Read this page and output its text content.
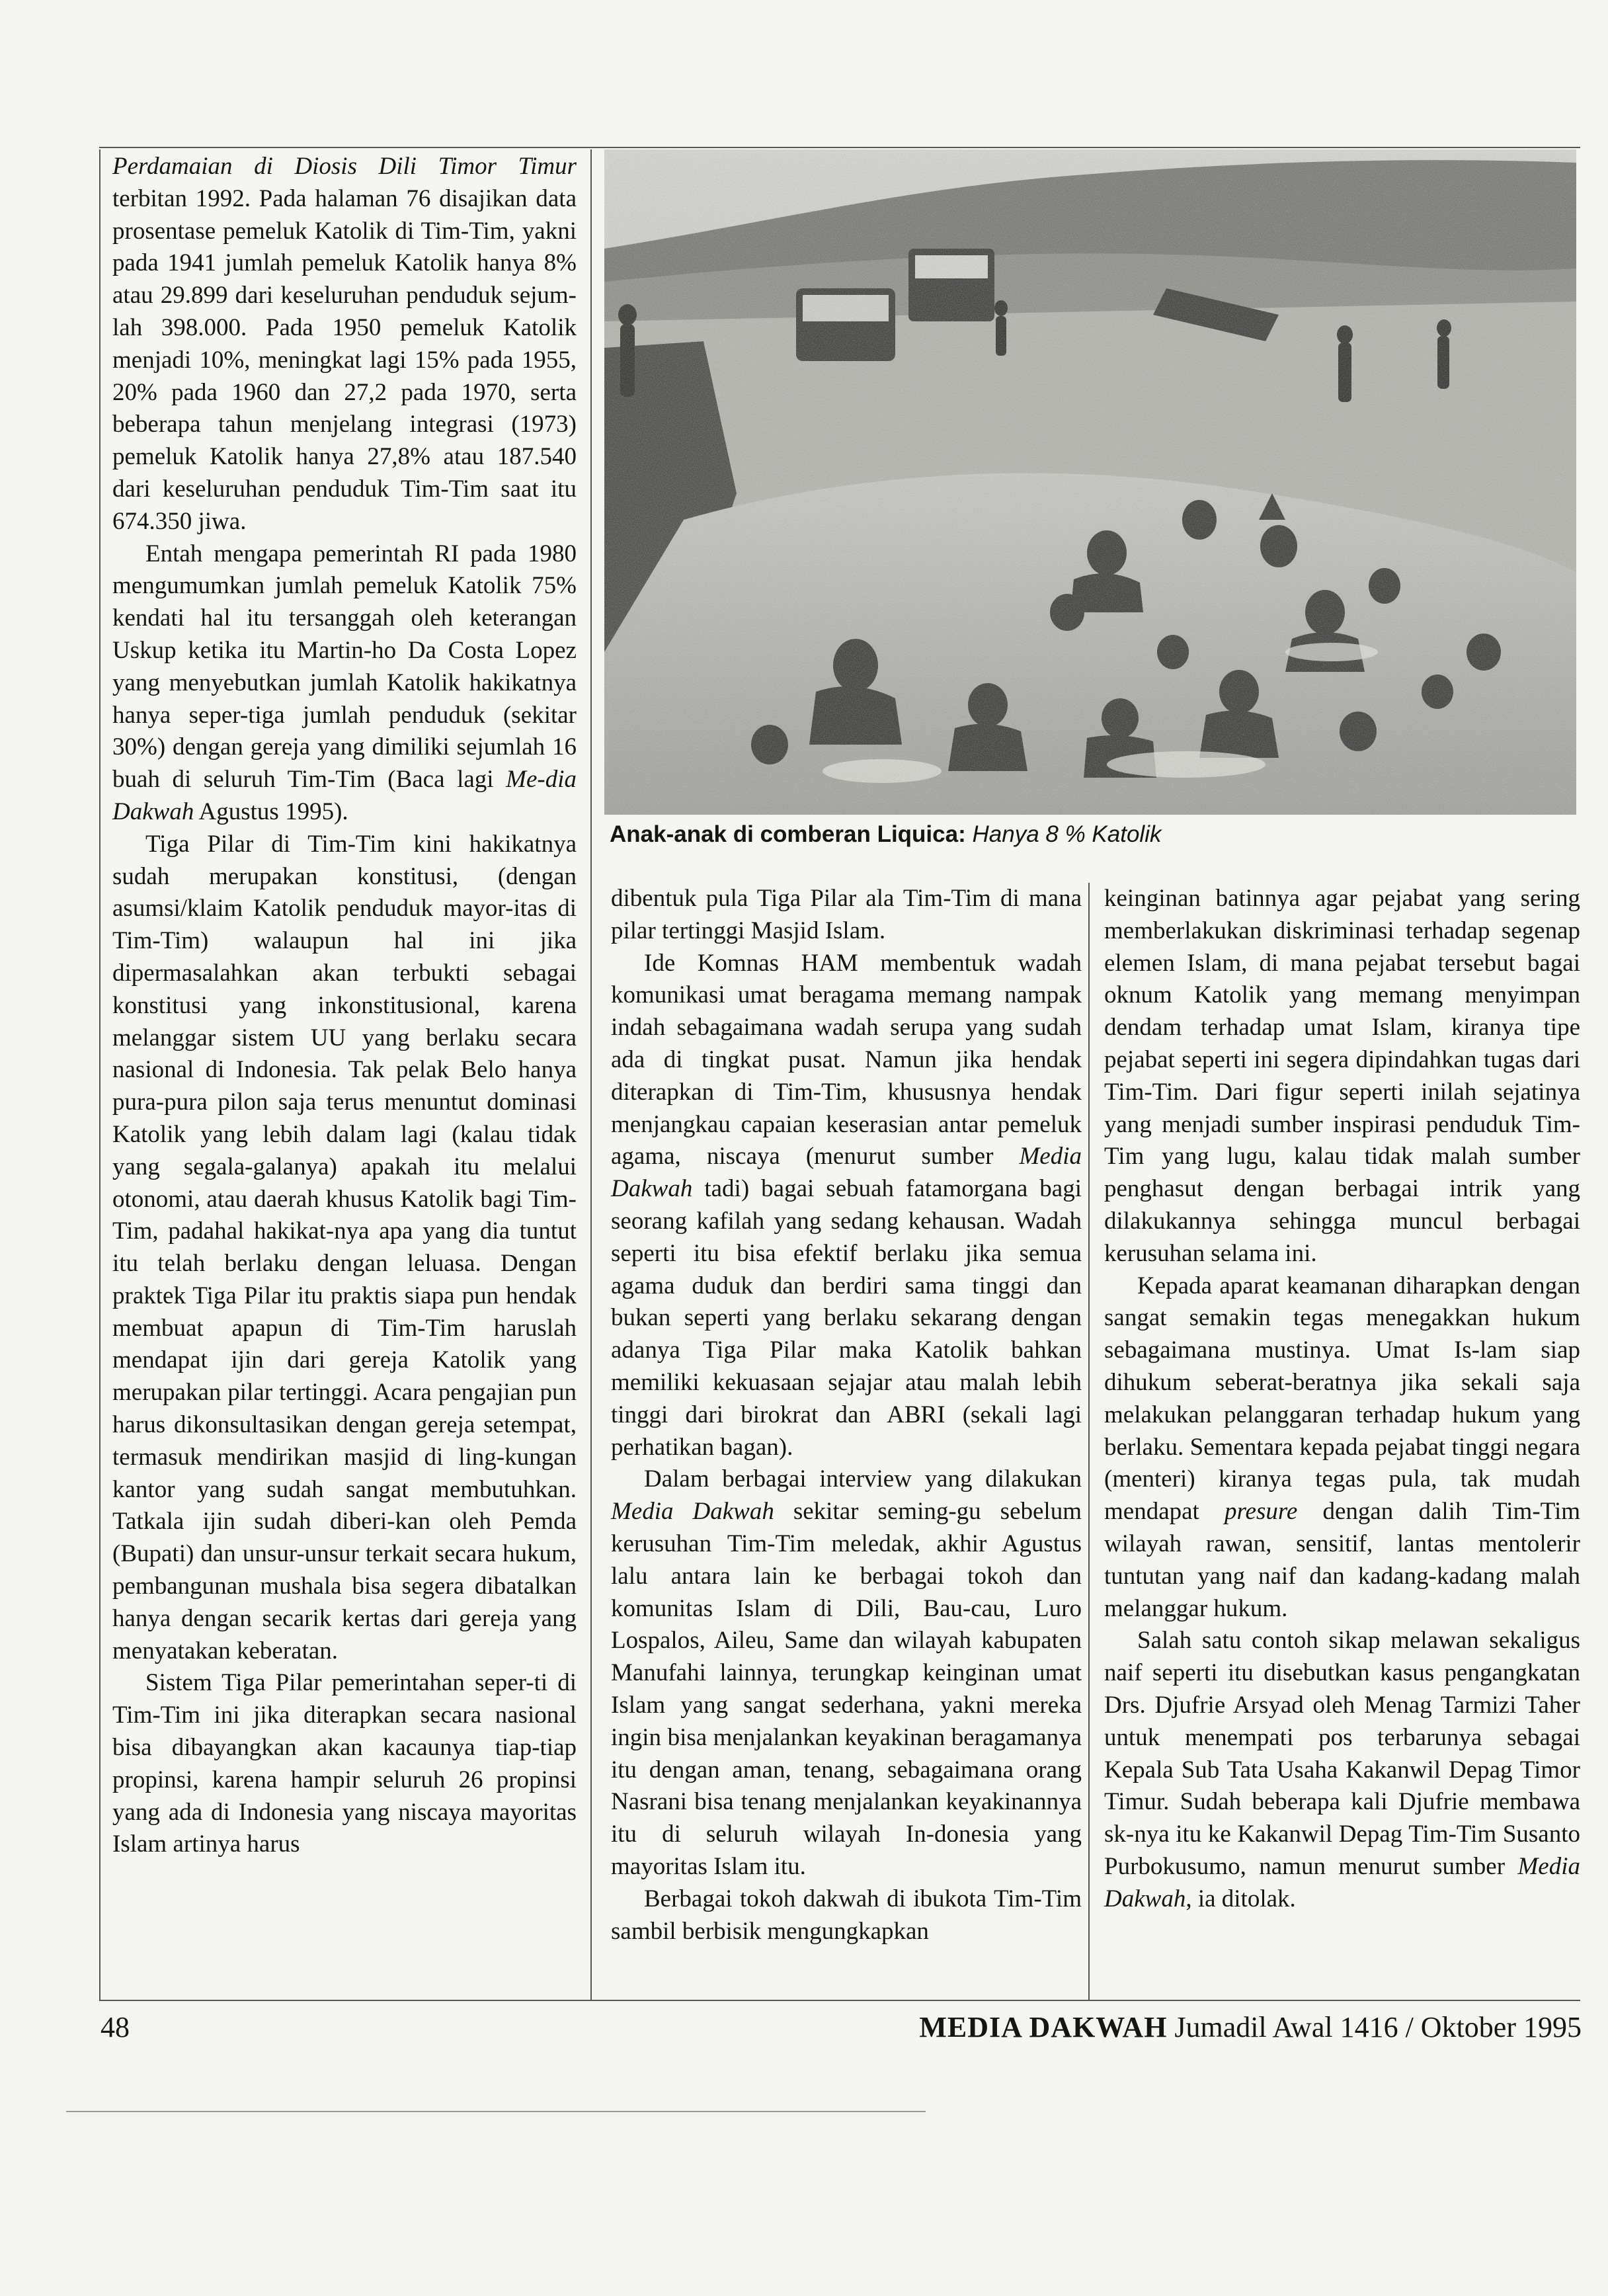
Perdamaian di Diosis Dili Timor Timur terbitan 1992. Pada halaman 76 disajikan data prosentase pemeluk Katolik di Tim-Tim, yakni pada 1941 jumlah pemeluk Katolik hanya 8% atau 29.899 dari keseluruhan penduduk sejum-lah 398.000. Pada 1950 pemeluk Katolik menjadi 10%, meningkat lagi 15% pada 1955, 20% pada 1960 dan 27,2 pada 1970, serta beberapa tahun menjelang integrasi (1973) pemeluk Katolik hanya 27,8% atau 187.540 dari keseluruhan penduduk Tim-Tim saat itu 674.350 jiwa.

Entah mengapa pemerintah RI pada 1980 mengumumkan jumlah pemeluk Katolik 75% kendati hal itu tersanggah oleh keterangan Uskup ketika itu Martin-ho Da Costa Lopez yang menyebutkan jumlah Katolik hakikatnya hanya seper-tiga jumlah penduduk (sekitar 30%) dengan gereja yang dimiliki sejumlah 16 buah di seluruh Tim-Tim (Baca lagi Me-dia Dakwah Agustus 1995).

Tiga Pilar di Tim-Tim kini hakikatnya sudah merupakan konstitusi, (dengan asumsi/klaim Katolik penduduk mayor-itas di Tim-Tim) walaupun hal ini jika dipermasalahkan akan terbukti sebagai konstitusi yang inkonstitusional, karena melanggar sistem UU yang berlaku secara nasional di Indonesia. Tak pelak Belo hanya pura-pura pilon saja terus menuntut dominasi Katolik yang lebih dalam lagi (kalau tidak yang segala-galanya) apakah itu melalui otonomi, atau daerah khusus Katolik bagi Tim-Tim, padahal hakikat-nya apa yang dia tuntut itu telah berlaku dengan leluasa. Dengan praktek Tiga Pilar itu praktis siapa pun hendak membuat apapun di Tim-Tim haruslah mendapat ijin dari gereja Katolik yang merupakan pilar tertinggi. Acara pengajian pun harus dikonsultasikan dengan gereja setempat, termasuk mendirikan masjid di ling-kungan kantor yang sudah sangat membutuhkan. Tatkala ijin sudah diberi-kan oleh Pemda (Bupati) dan unsur-unsur terkait secara hukum, pembangunan mushala bisa segera dibatalkan hanya dengan secarik kertas dari gereja yang menyatakan keberatan.

Sistem Tiga Pilar pemerintahan seper-ti di Tim-Tim ini jika diterapkan secara nasional bisa dibayangkan akan kacaunya tiap-tiap propinsi, karena hampir seluruh 26 propinsi yang ada di Indonesia yang niscaya mayoritas Islam artinya harus

Anak-anak di comberan Liquica: Hanya 8 % Katolik

dibentuk pula Tiga Pilar ala Tim-Tim di mana pilar tertinggi Masjid Islam.

Ide Komnas HAM membentuk wadah komunikasi umat beragama memang nampak indah sebagaimana wadah serupa yang sudah ada di tingkat pusat. Namun jika hendak diterapkan di Tim-Tim, khususnya hendak menjangkau capaian keserasian antar pemeluk agama, niscaya (menurut sumber Media Dakwah tadi) bagai sebuah fatamorgana bagi seorang kafilah yang sedang kehausan. Wadah seperti itu bisa efektif berlaku jika semua agama duduk dan berdiri sama tinggi dan bukan seperti yang berlaku sekarang dengan adanya Tiga Pilar maka Katolik bahkan memiliki kekuasaan sejajar atau malah lebih tinggi dari birokrat dan ABRI (sekali lagi perhatikan bagan).

Dalam berbagai interview yang dilakukan Media Dakwah sekitar seming-gu sebelum kerusuhan Tim-Tim meledak, akhir Agustus lalu antara lain ke berbagai tokoh dan komunitas Islam di Dili, Bau-cau, Luro Lospalos, Aileu, Same dan wilayah kabupaten Manufahi lainnya, terungkap keinginan umat Islam yang sangat sederhana, yakni mereka ingin bisa menjalankan keyakinan beragamanya itu dengan aman, tenang, sebagaimana orang Nasrani bisa tenang menjalankan keyakinannya itu di seluruh wilayah In-donesia yang mayoritas Islam itu.

Berbagai tokoh dakwah di ibukota Tim-Tim sambil berbisik mengungkapkan

keinginan batinnya agar pejabat yang sering memberlakukan diskriminasi terhadap segenap elemen Islam, di mana pejabat tersebut bagai oknum Katolik yang memang menyimpan dendam terhadap umat Islam, kiranya tipe pejabat seperti ini segera dipindahkan tugas dari Tim-Tim. Dari figur seperti inilah sejatinya yang menjadi sumber inspirasi penduduk Tim-Tim yang lugu, kalau tidak malah sumber penghasut dengan berbagai intrik yang dilakukannya sehingga muncul berbagai kerusuhan selama ini.

Kepada aparat keamanan diharapkan dengan sangat semakin tegas menegakkan hukum sebagaimana mustinya. Umat Is-lam siap dihukum seberat-beratnya jika sekali saja melakukan pelanggaran terhadap hukum yang berlaku. Sementara kepada pejabat tinggi negara (menteri) kiranya tegas pula, tak mudah mendapat presure dengan dalih Tim-Tim wilayah rawan, sensitif, lantas mentolerir tuntutan yang naif dan kadang-kadang malah melanggar hukum.

Salah satu contoh sikap melawan sekaligus naif seperti itu disebutkan kasus pengangkatan Drs. Djufrie Arsyad oleh Menag Tarmizi Taher untuk menempati pos terbarunya sebagai Kepala Sub Tata Usaha Kakanwil Depag Timor Timur. Sudah beberapa kali Djufrie membawa sk-nya itu ke Kakanwil Depag Tim-Tim Susanto Purbokusumo, namun menurut sumber Media Dakwah, ia ditolak.

48	MEDIA DAKWAH Jumadil Awal 1416 / Oktober 1995
